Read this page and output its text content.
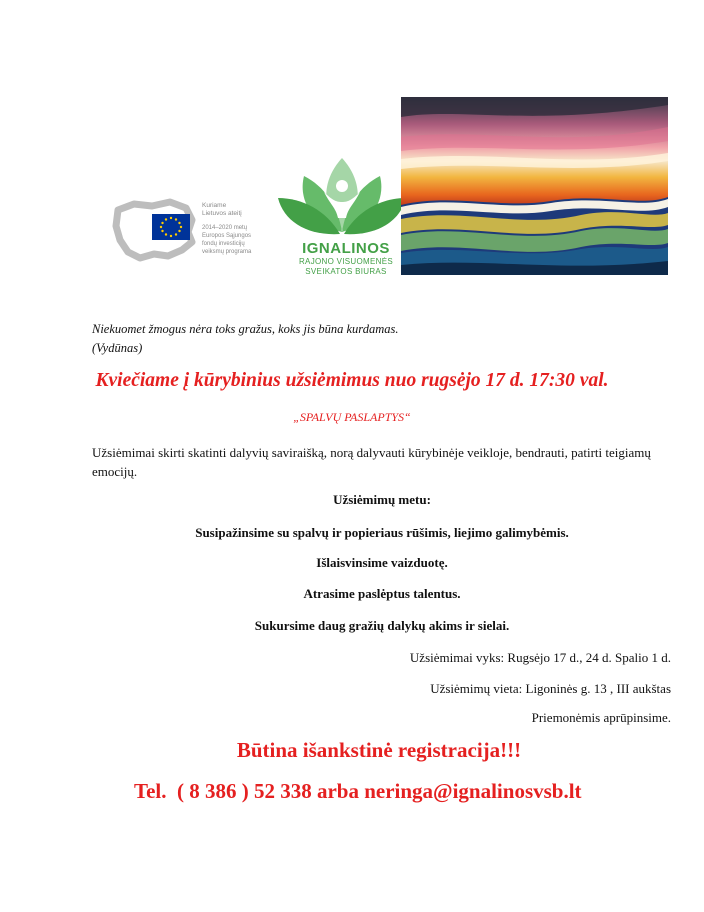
Kuriame
Lietuvos ateitį
2014–2020 metų
Europos Sąjungos
fondų investicijų
veiksmų programa	IGNALINOS
RAJONO VISUOMENĖS
SVEIKATOS BIURAS
Niekuomet žmogus nėra toks gražus, koks jis būna kurdamas.
(Vydūnas)
Kviečiame į kūrybinius užsiėmimus nuo rugsėjo 17 d. 17:30 val.
„SPALVŲ PASLAPTYS“
Užsiėmimai skirti skatinti dalyvių saviraišką, norą dalyvauti kūrybinėje veikloje, bendrauti, patirti teigiamų emocijų.
Užsiėmimų metu:
Susipažinsime su spalvų ir popieriaus rūšimis, liejimo galimybėmis.
Išlaisvinsime vaizduotę.
Atrasime paslėptus talentus.
Sukursime daug gražių dalykų akims ir sielai.
Užsiėmimai vyks: Rugsėjo 17 d., 24 d. Spalio 1 d.
Užsiėmimų vieta: Ligoninės g. 13 , III aukštas
Priemonėmis aprūpinsime.
Būtina išankstinė registracija!!!
Tel.  ( 8 386 ) 52 338 arba neringa@ignalinosvsb.lt
